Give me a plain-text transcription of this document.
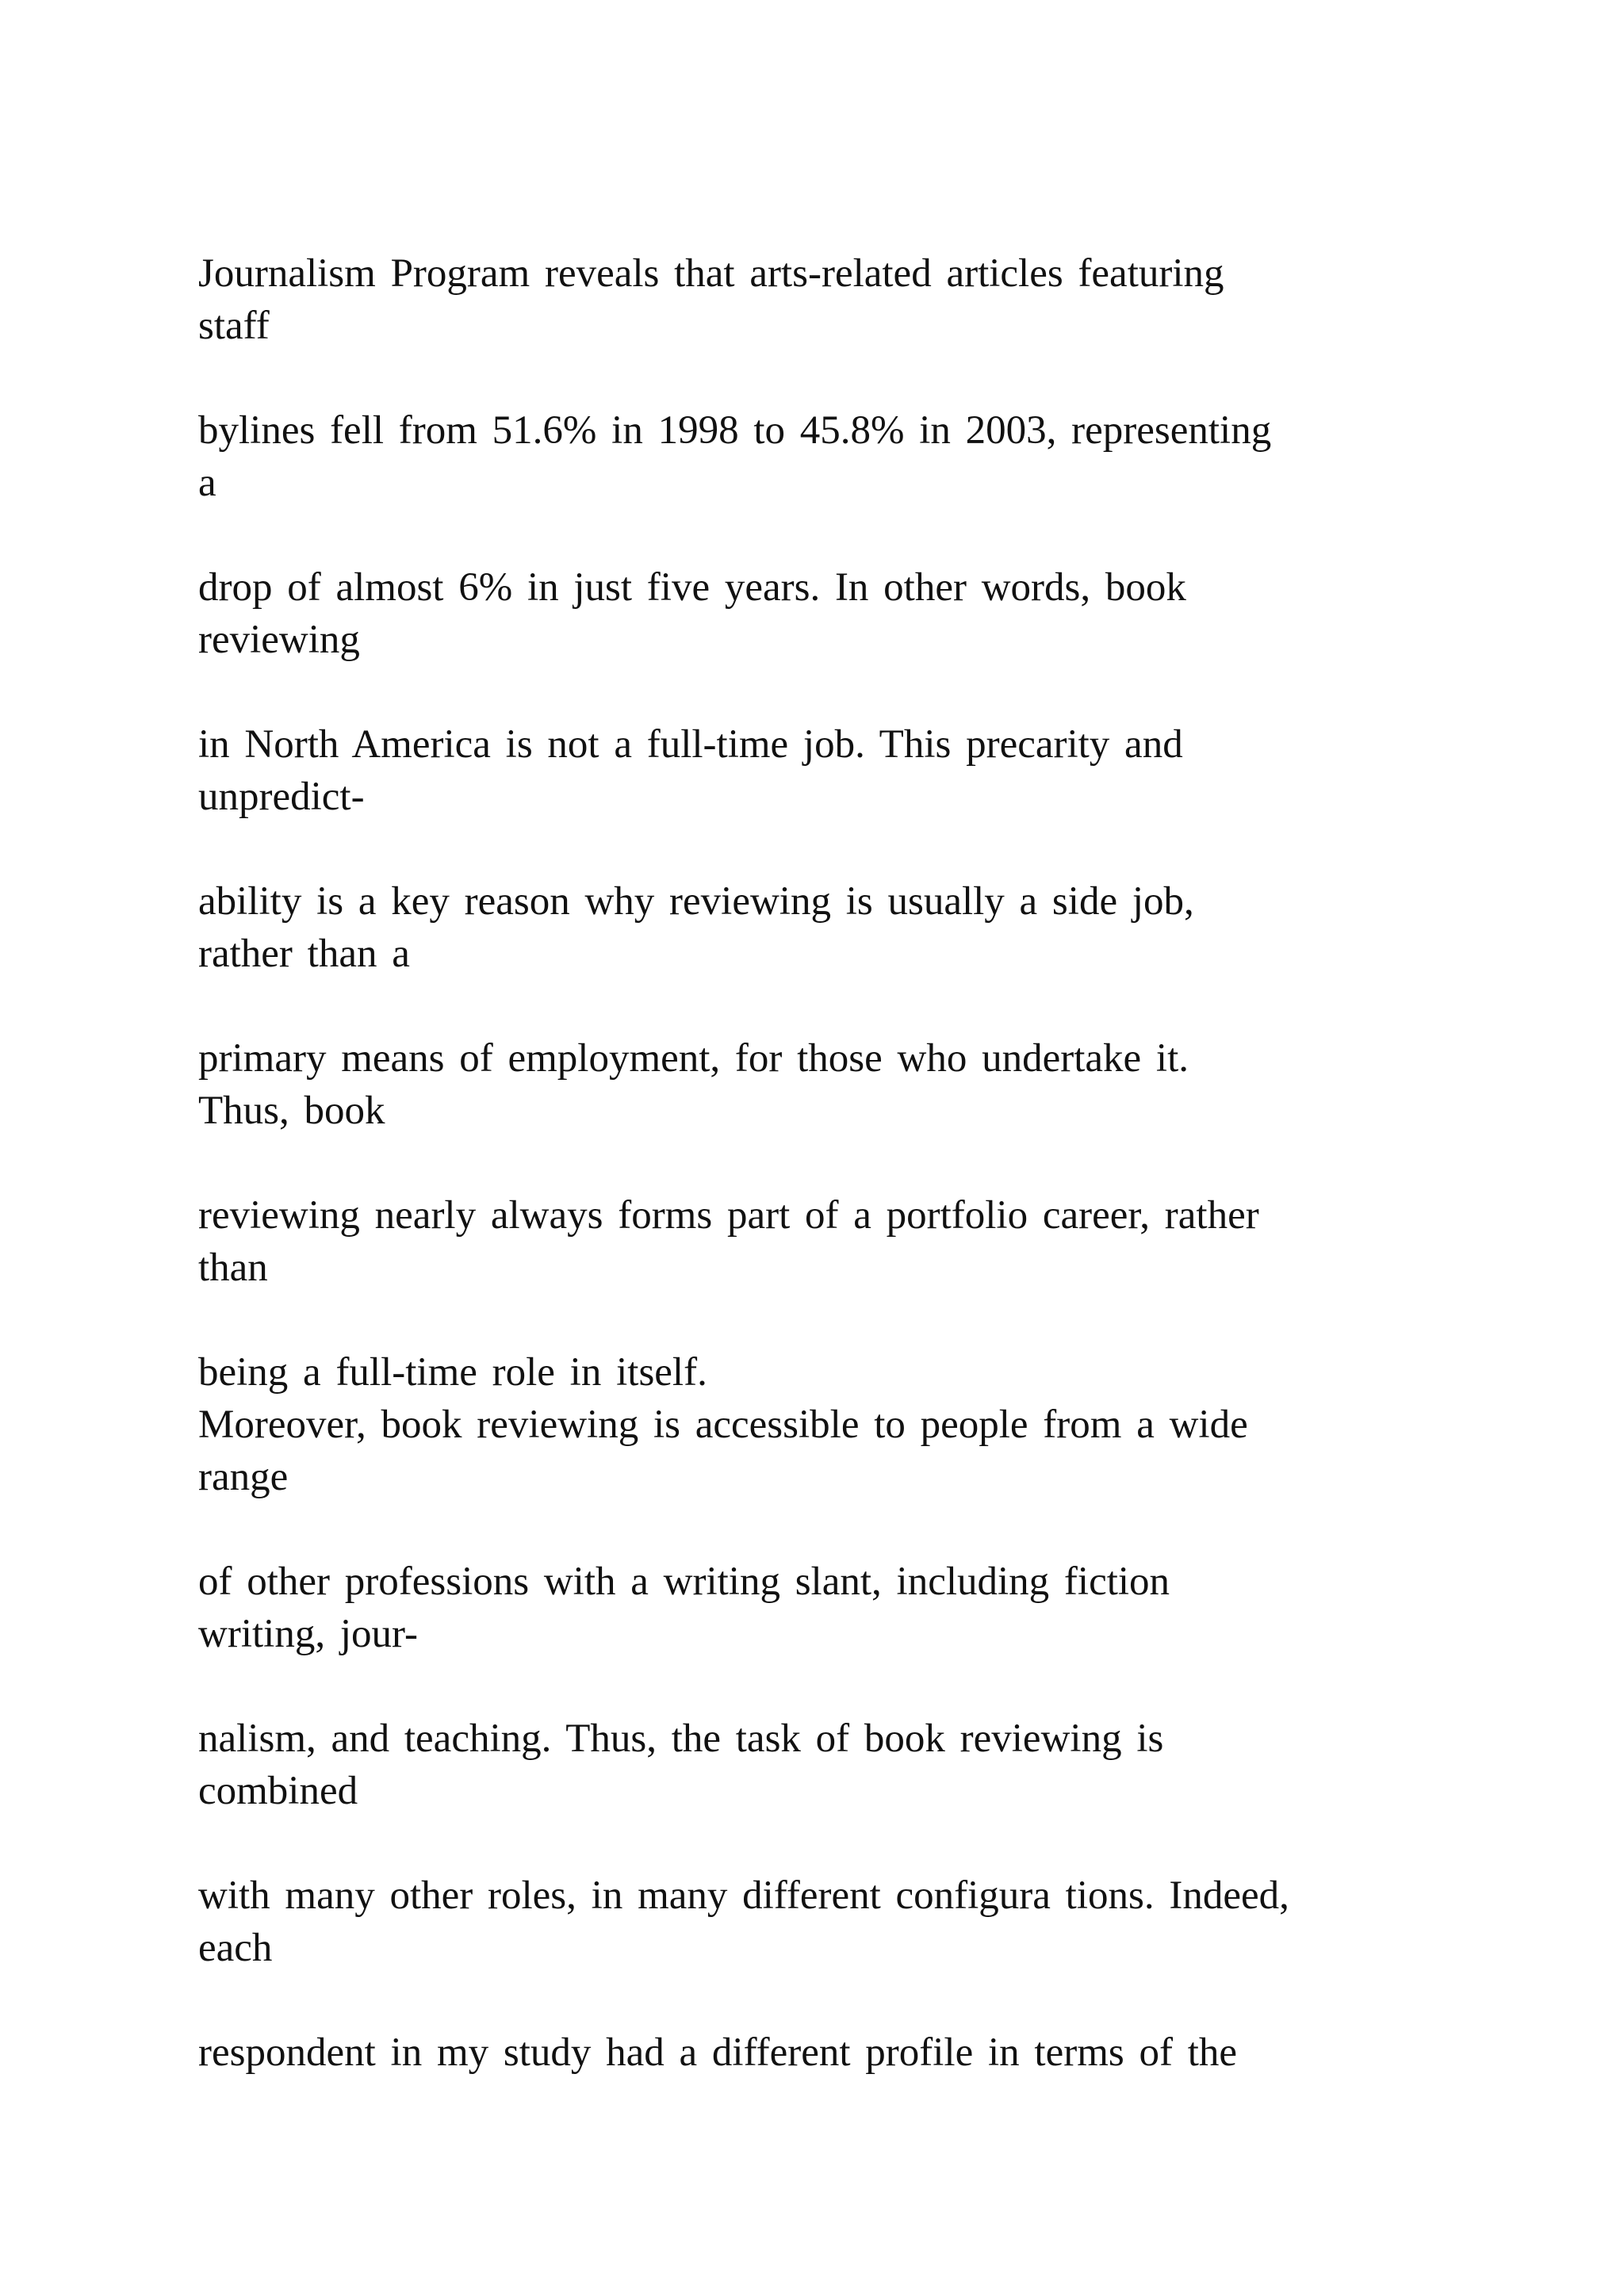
Journalism Program reveals that arts-related articles featuring

staff

bylines fell from 51.6% in 1998 to 45.8% in 2003, representing

a

drop of almost 6% in just five years. In other words, book

reviewing

in North America is not a full-time job. This precarity and

unpredict-

ability is a key reason why reviewing is usually a side job,

rather than a

primary means of employment, for those who undertake it.

Thus, book

reviewing nearly always forms part of a portfolio career, rather

than

being a full-time role in itself.

Moreover, book reviewing is accessible to people from a wide

range

of other professions with a writing slant, including fiction

writing, jour-

nalism, and teaching. Thus, the task of book reviewing is

combined

with many other roles, in many different configura tions. Indeed,

each

respondent in my study had a different profile in terms of the
